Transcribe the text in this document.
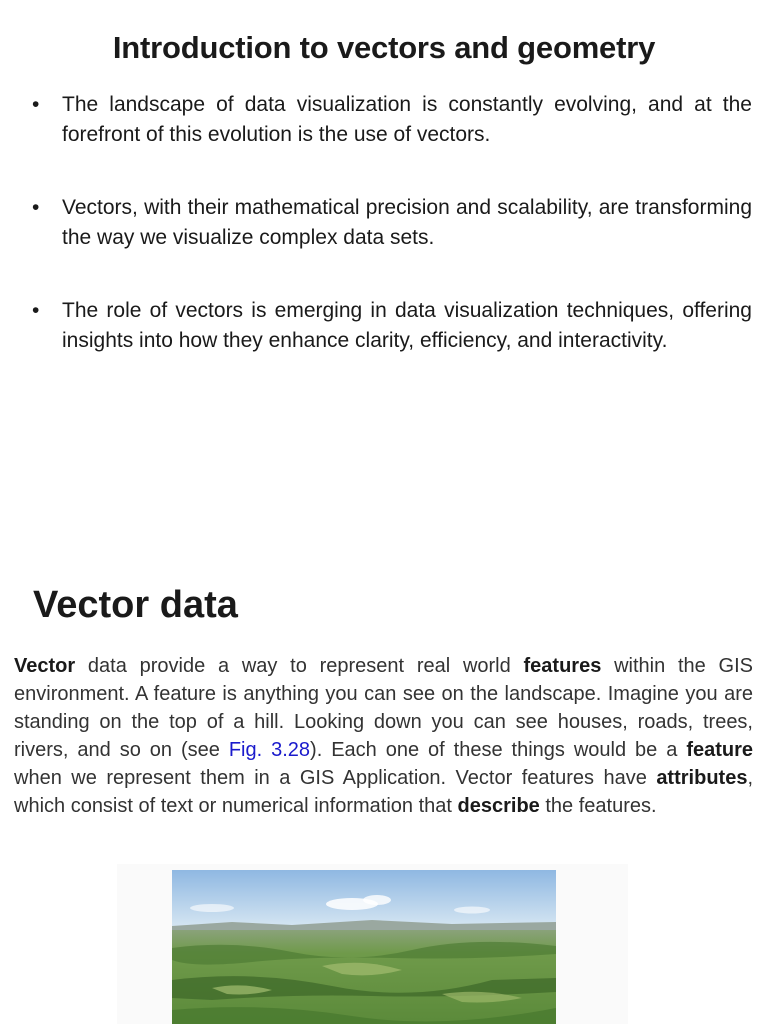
Introduction to vectors and geometry
• The landscape of data visualization is constantly evolving, and at the forefront of this evolution is the use of vectors.
• Vectors, with their mathematical precision and scalability, are transforming the way we visualize complex data sets.
• The role of vectors is emerging in data visualization techniques, offering insights into how they enhance clarity, efficiency, and interactivity.
Vector data

Vector data provide a way to represent real world features within the GIS environment. A feature is anything you can see on the landscape. Imagine you are standing on the top of a hill. Looking down you can see houses, roads, trees, rivers, and so on (see Fig. 3.28). Each one of these things would be a feature when we represent them in a GIS Application. Vector features have attributes, which consist of text or numerical information that describe the features.
